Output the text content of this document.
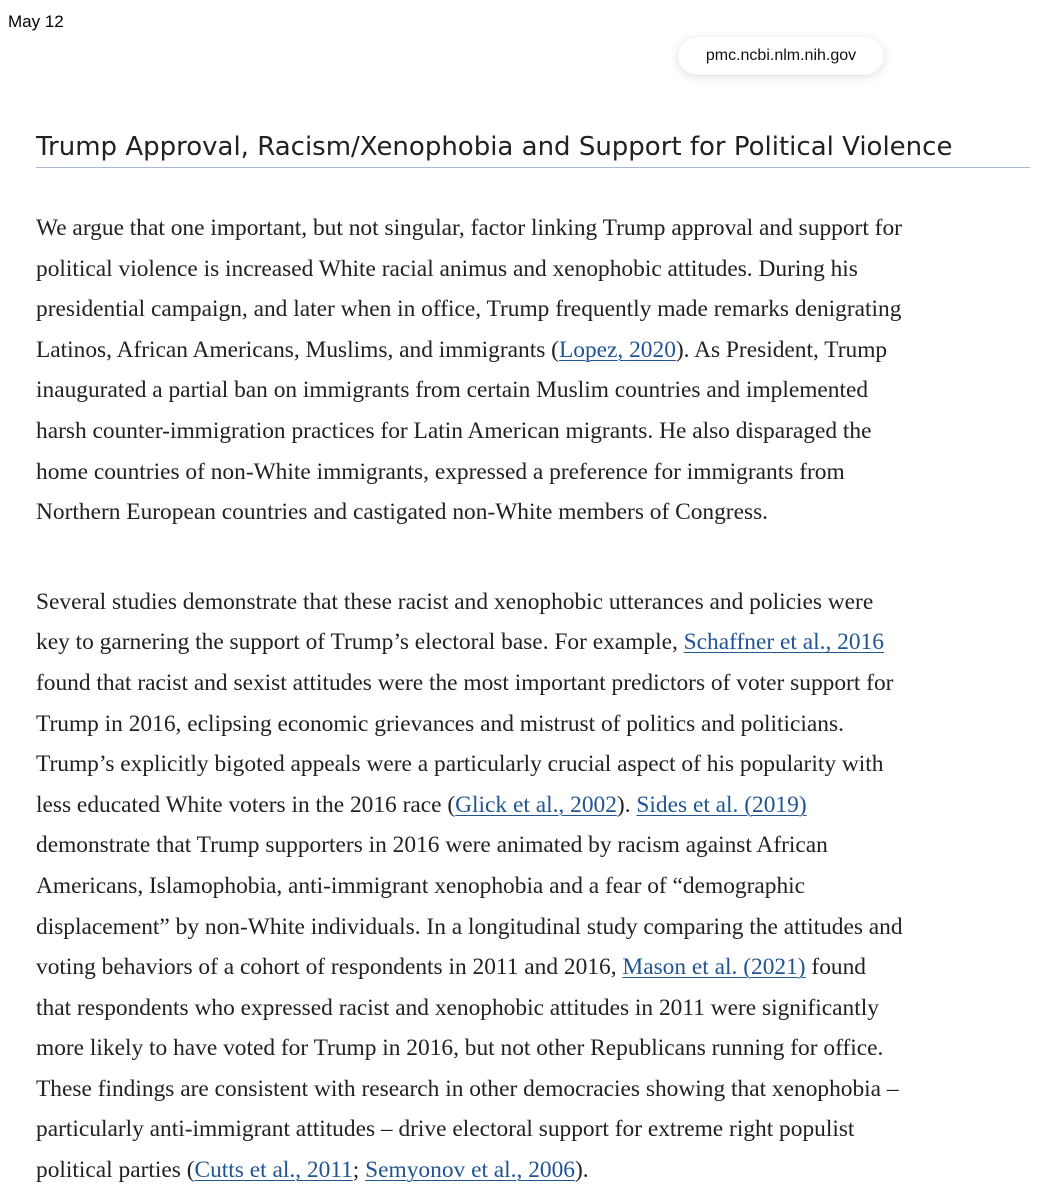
May 12
pmc.ncbi.nlm.nih.gov
Trump Approval, Racism/Xenophobia and Support for Political Violence

We argue that one important, but not singular, factor linking Trump approval and support for
political violence is increased White racial animus and xenophobic attitudes. During his
presidential campaign, and later when in office, Trump frequently made remarks denigrating
Latinos, African Americans, Muslims, and immigrants (Lopez, 2020). As President, Trump
inaugurated a partial ban on immigrants from certain Muslim countries and implemented
harsh counter-immigration practices for Latin American migrants. He also disparaged the
home countries of non-White immigrants, expressed a preference for immigrants from
Northern European countries and castigated non-White members of Congress.

Several studies demonstrate that these racist and xenophobic utterances and policies were
key to garnering the support of Trump’s electoral base. For example, Schaffner et al., 2016
found that racist and sexist attitudes were the most important predictors of voter support for
Trump in 2016, eclipsing economic grievances and mistrust of politics and politicians.
Trump’s explicitly bigoted appeals were a particularly crucial aspect of his popularity with
less educated White voters in the 2016 race (Glick et al., 2002). Sides et al. (2019)
demonstrate that Trump supporters in 2016 were animated by racism against African
Americans, Islamophobia, anti-immigrant xenophobia and a fear of “demographic
displacement” by non-White individuals. In a longitudinal study comparing the attitudes and
voting behaviors of a cohort of respondents in 2011 and 2016, Mason et al. (2021) found
that respondents who expressed racist and xenophobic attitudes in 2011 were significantly
more likely to have voted for Trump in 2016, but not other Republicans running for office.
These findings are consistent with research in other democracies showing that xenophobia –
particularly anti-immigrant attitudes – drive electoral support for extreme right populist
political parties (Cutts et al., 2011; Semyonov et al., 2006).
